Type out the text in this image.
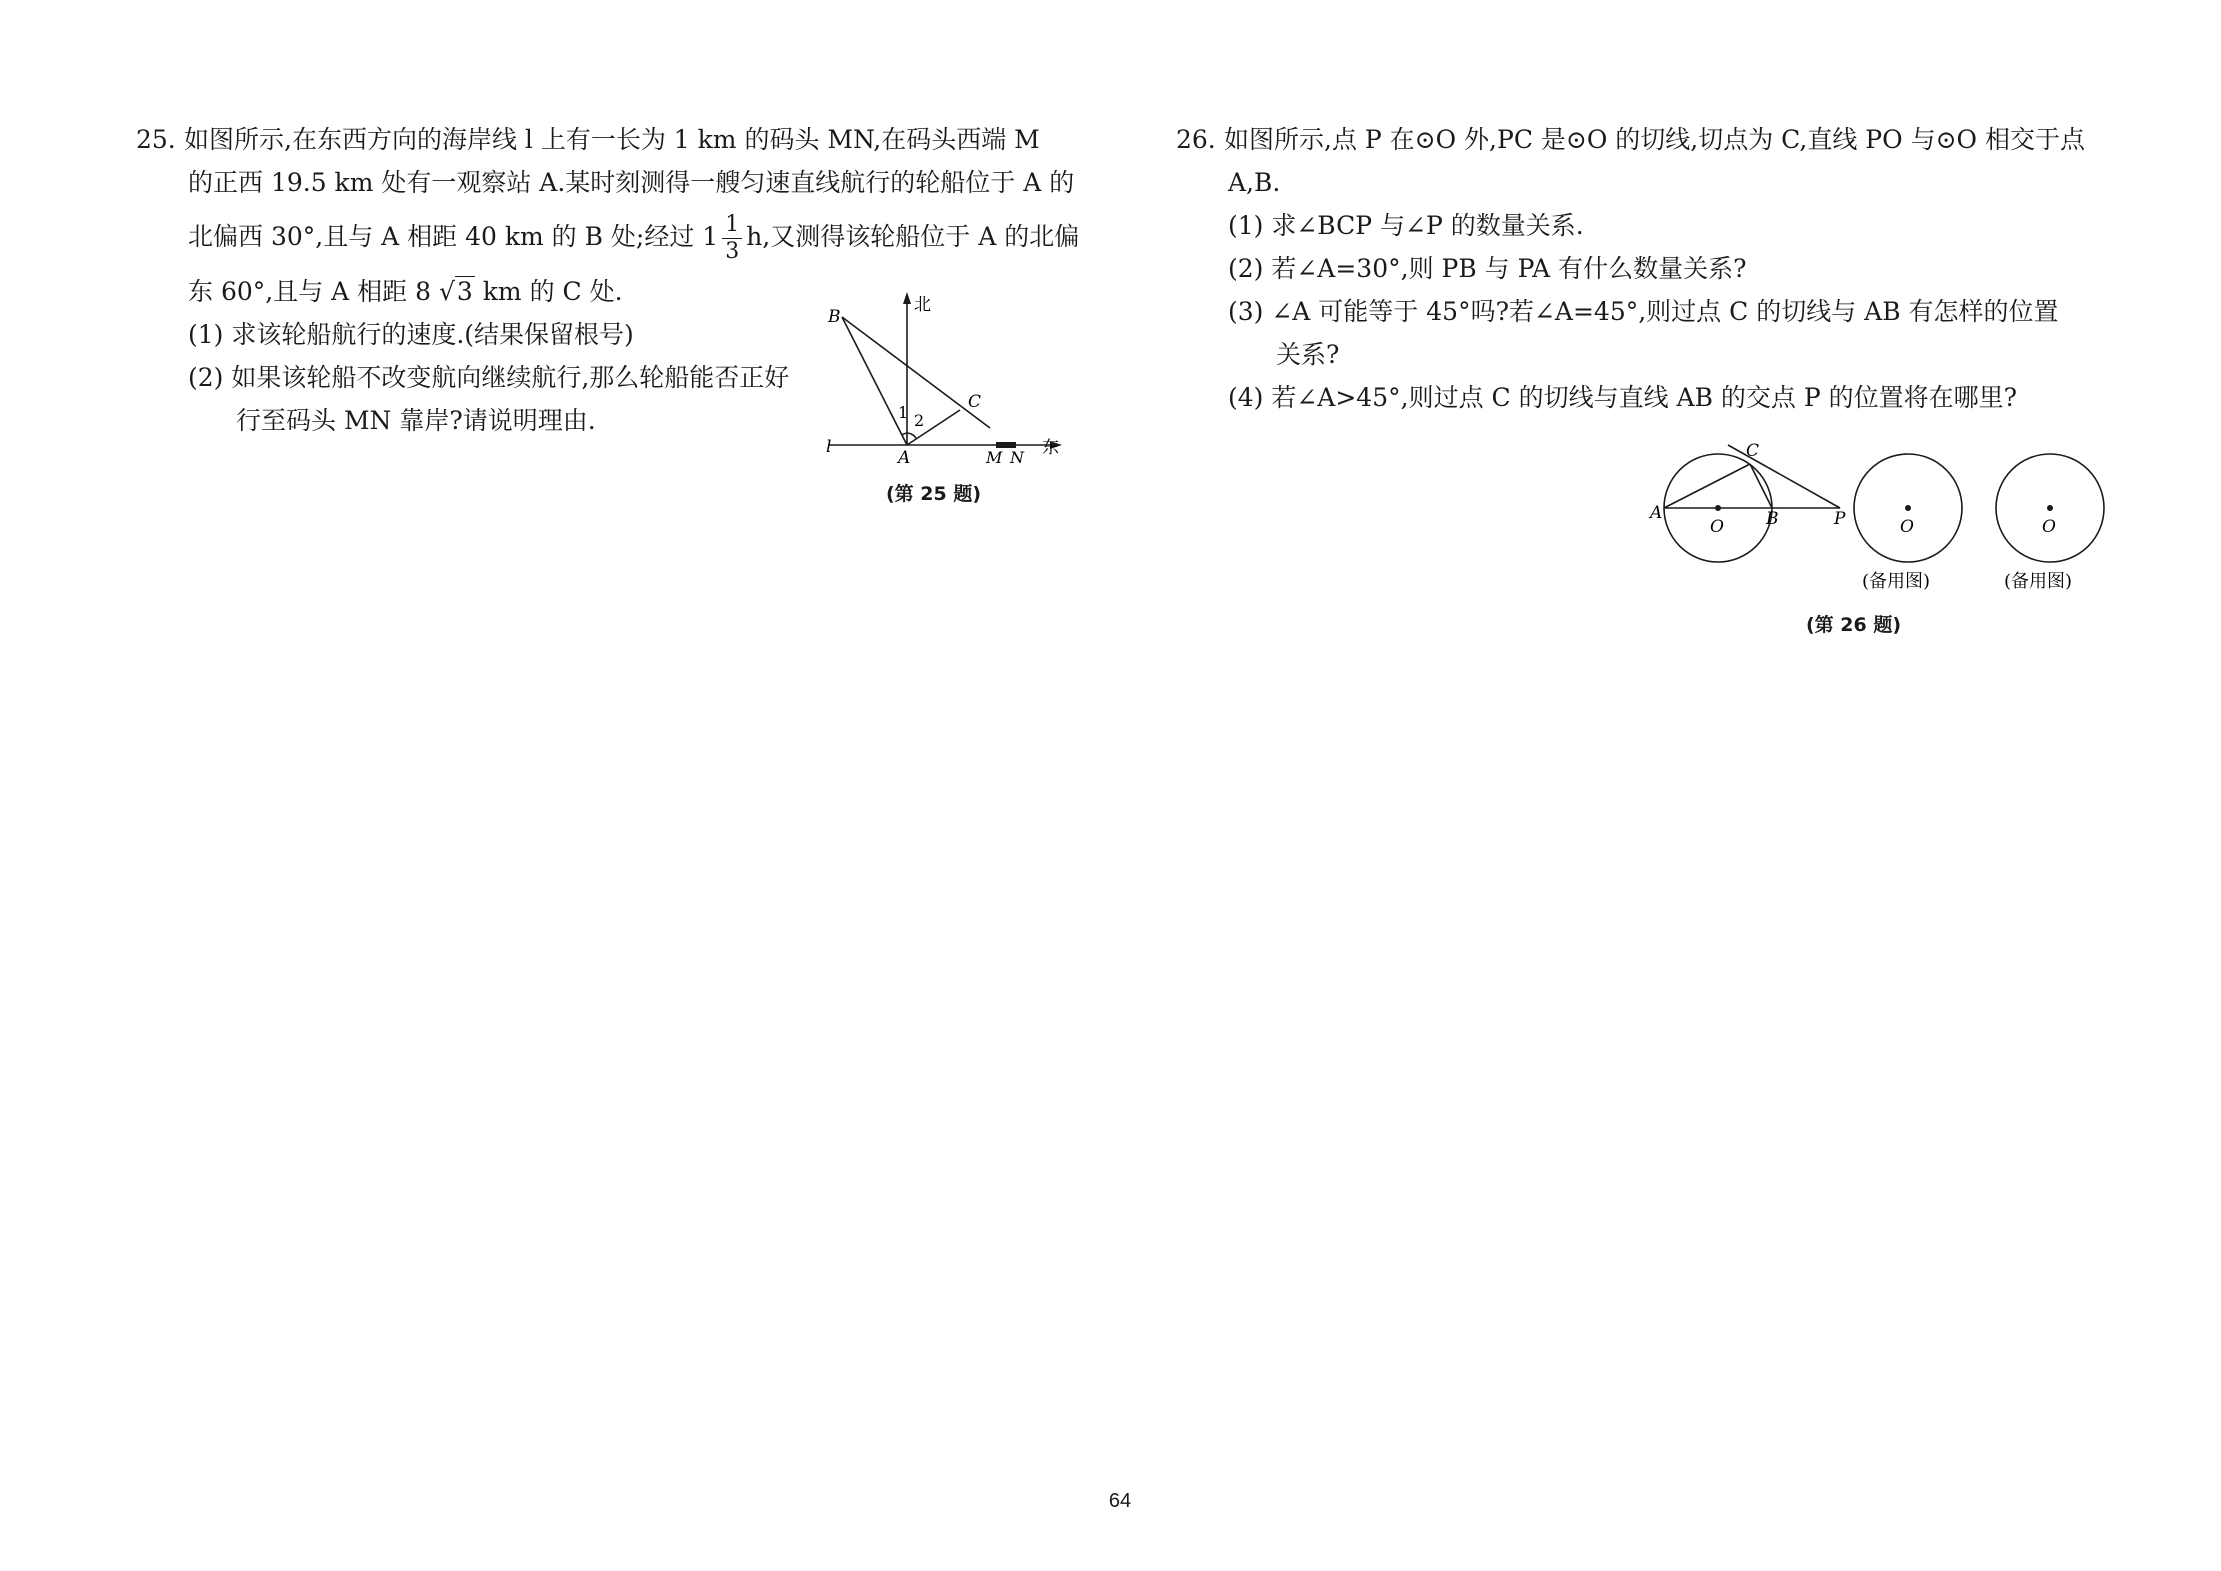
25. 如图所示,在东西方向的海岸线 l 上有一长为 1 km 的码头 MN,在码头西端 M
的正西 19.5 km 处有一观察站 A.某时刻测得一艘匀速直线航行的轮船位于 A 的
北偏西 30°,且与 A 相距 40 km 的 B 处;经过 $1 \frac{1}{3} h$,又测得该轮船位于 A 的北偏
东 60°,且与 A 相距 8 √3 km 的 C 处.
(1) 求该轮船航行的速度.(结果保留根号)
(2) 如果该轮船不改变航向继续航行,那么轮船能否正好
行至码头 MN 靠岸?请说明理由.
北
东
B
C
A	M N
l
1 2
(第 25 题)
26. 如图所示,点 P 在⊙O 外,PC 是⊙O 的切线,切点为 C,直线 PO 与⊙O 相交于点
A,B.
(1) 求∠BCP 与∠P 的数量关系.
(2) 若∠A=30°,则 PB 与 PA 有什么数量关系?
(3) ∠A 可能等于 45°吗?若∠A=45°,则过点 C 的切线与 AB 有怎样的位置
关系?
(4) 若∠A>45°,则过点 C 的切线与直线 AB 的交点 P 的位置将在哪里?
A
O B
C
P	O	O
(备用图)	(备用图)
(第 26 题)
64
